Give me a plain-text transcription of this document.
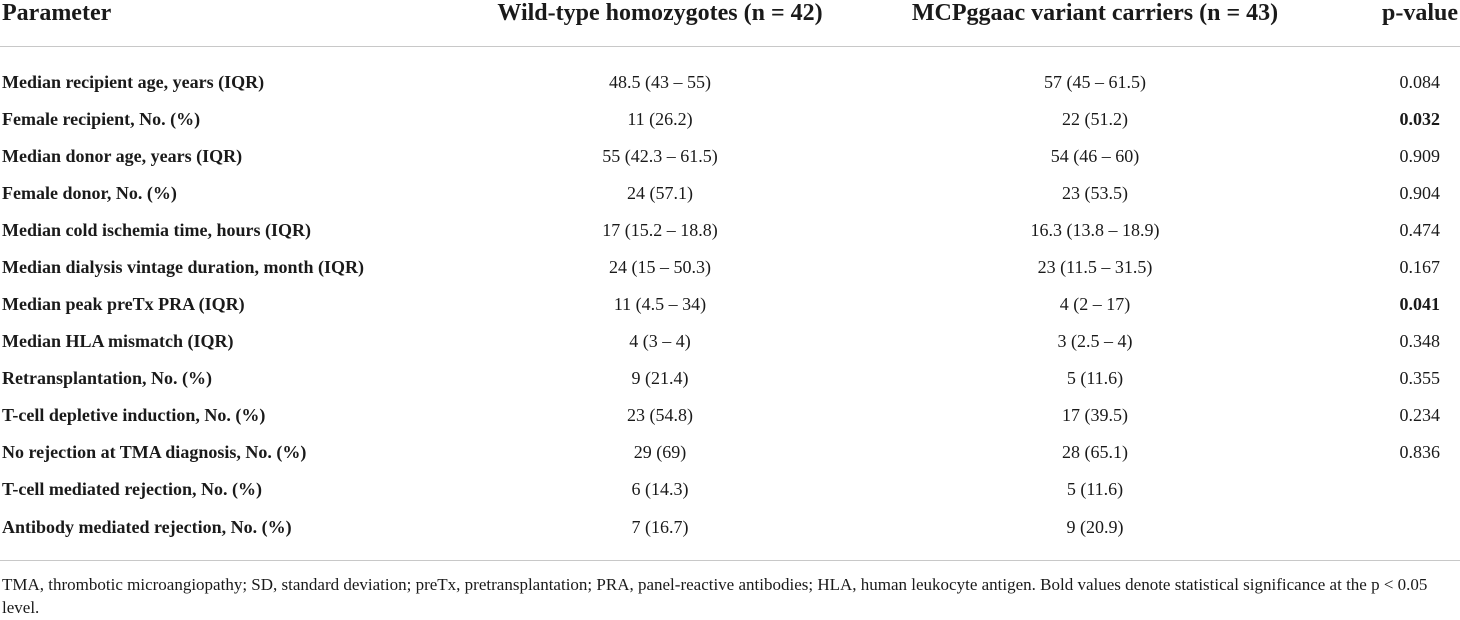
Parameter	Wild-type homozygotes (n = 42)	MCPggaac variant carriers (n = 43)	p-value

Median recipient age, years (IQR)	48.5 (43 – 55)	57 (45 – 61.5)	0.084
Female recipient, No. (%)	11 (26.2)	22 (51.2)	0.032
Median donor age, years (IQR)	55 (42.3 – 61.5)	54 (46 – 60)	0.909
Female donor, No. (%)	24 (57.1)	23 (53.5)	0.904
Median cold ischemia time, hours (IQR)	17 (15.2 – 18.8)	16.3 (13.8 – 18.9)	0.474
Median dialysis vintage duration, month (IQR)	24 (15 – 50.3)	23 (11.5 – 31.5)	0.167
Median peak preTx PRA (IQR)	11 (4.5 – 34)	4 (2 – 17)	0.041
Median HLA mismatch (IQR)	4 (3 – 4)	3 (2.5 – 4)	0.348
Retransplantation, No. (%)	9 (21.4)	5 (11.6)	0.355
T-cell depletive induction, No. (%)	23 (54.8)	17 (39.5)	0.234
No rejection at TMA diagnosis, No. (%)	29 (69)	28 (65.1)	0.836
T-cell mediated rejection, No. (%)	6 (14.3)	5 (11.6)	
Antibody mediated rejection, No. (%)	7 (16.7)	9 (20.9)	
TMA, thrombotic microangiopathy; SD, standard deviation; preTx, pretransplantation; PRA, panel-reactive antibodies; HLA, human leukocyte antigen. Bold values denote statistical significance at the p < 0.05 level.
